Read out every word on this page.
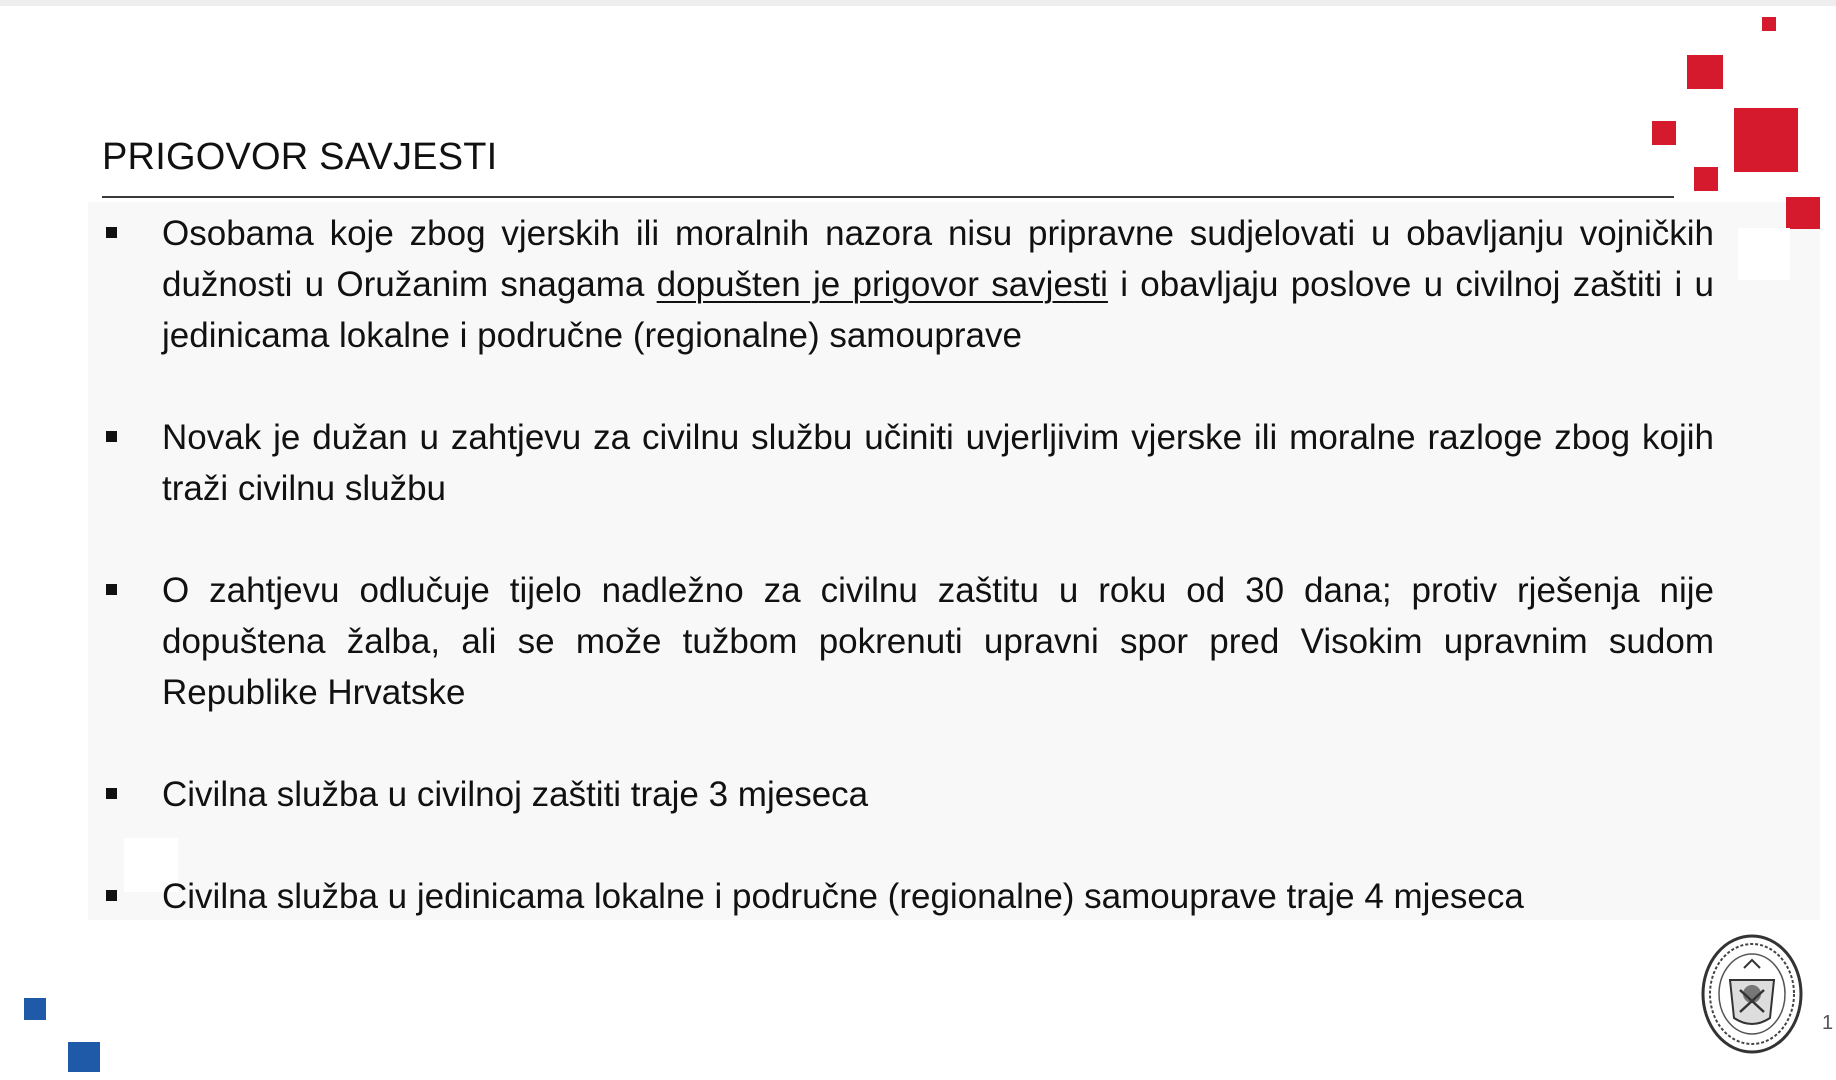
PRIGOVOR SAVJESTI
Osobama koje zbog vjerskih ili moralnih nazora nisu pripravne sudjelovati u obavljanju vojničkih dužnosti u Oružanim snagama dopušten je prigovor savjesti i obavljaju poslove u civilnoj zaštiti i u jedinicama lokalne i područne (regionalne) samouprave
Novak je dužan u zahtjevu za civilnu službu učiniti uvjerljivim vjerske ili moralne razloge zbog kojih traži civilnu službu
O zahtjevu odlučuje tijelo nadležno za civilnu zaštitu u roku od 30 dana; protiv rješenja nije dopuštena žalba, ali se može tužbom pokrenuti upravni spor pred Visokim upravnim sudom Republike Hrvatske
Civilna služba u civilnoj zaštiti traje 3 mjeseca
Civilna služba u jedinicama lokalne i područne (regionalne) samouprave traje 4 mjeseca
1
